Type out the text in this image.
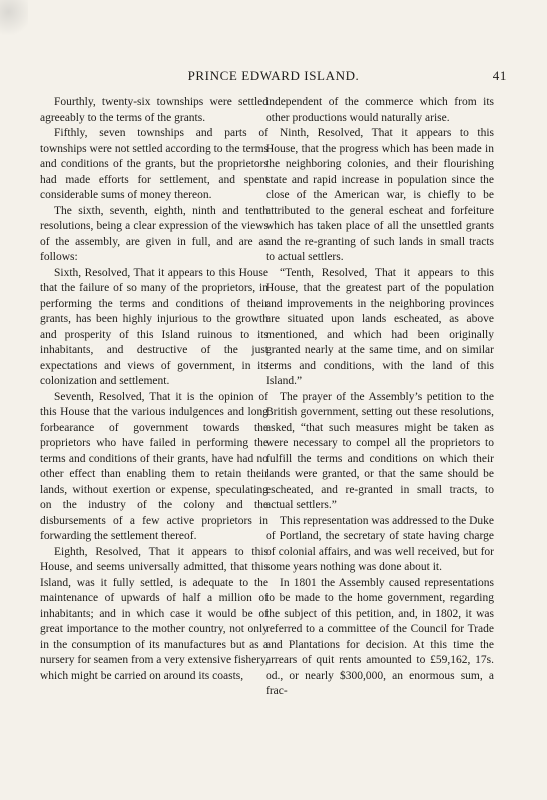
PRINCE EDWARD ISLAND.	41

Fourthly, twenty-six townships were settled agreeably to the terms of the grants.

Fifthly, seven townships and parts of townships were not settled according to the terms and conditions of the grants, but the proprietors had made efforts for settlement, and spent considerable sums of money thereon.

The sixth, seventh, eighth, ninth and tenth resolutions, being a clear expression of the views of the assembly, are given in full, and are as follows:

Sixth, Resolved, That it appears to this House that the failure of so many of the proprietors, in performing the terms and conditions of their grants, has been highly injurious to the growth and prosperity of this Island ruinous to its inhabitants, and destructive of the just expectations and views of government, in its colonization and settlement.

Seventh, Resolved, That it is the opinion of this House that the various indulgences and long forbearance of government towards the proprietors who have failed in performing the terms and conditions of their grants, have had no other effect than enabling them to retain their lands, without exertion or expense, speculating on the industry of the colony and the disbursements of a few active proprietors in forwarding the settlement thereof.

Eighth, Resolved, That it appears to this House, and seems universally admitted, that this Island, was it fully settled, is adequate to the maintenance of upwards of half a million of inhabitants; and in which case it would be of great importance to the mother country, not only in the consumption of its manufactures but as a nursery for seamen from a very extensive fishery, which might be carried on around its coasts,

independent of the commerce which from its other productions would naturally arise.

Ninth, Resolved, That it appears to this House, that the progress which has been made in the neighboring colonies, and their flourishing state and rapid increase in population since the close of the American war, is chiefly to be attributed to the general escheat and forfeiture which has taken place of all the unsettled grants and the re-granting of such lands in small tracts to actual settlers.

“Tenth, Resolved, That it appears to this House, that the greatest part of the population and improvements in the neighboring provinces are situated upon lands escheated, as above mentioned, and which had been originally granted nearly at the same time, and on similar terms and conditions, with the land of this Island.”

The prayer of the Assembly’s petition to the British government, setting out these resolutions, asked, “that such measures might be taken as were necessary to compel all the proprietors to fulfill the terms and conditions on which their lands were granted, or that the same should be escheated, and re-granted in small tracts, to actual settlers.”

This representation was addressed to the Duke of Portland, the secretary of state having charge of colonial affairs, and was well received, but for some years nothing was done about it.

In 1801 the Assembly caused representations to be made to the home government, regarding the subject of this petition, and, in 1802, it was referred to a committee of the Council for Trade and Plantations for decision. At this time the arrears of quit rents amounted to £59,162, 17s. od., or nearly $300,000, an enormous sum, a frac-
